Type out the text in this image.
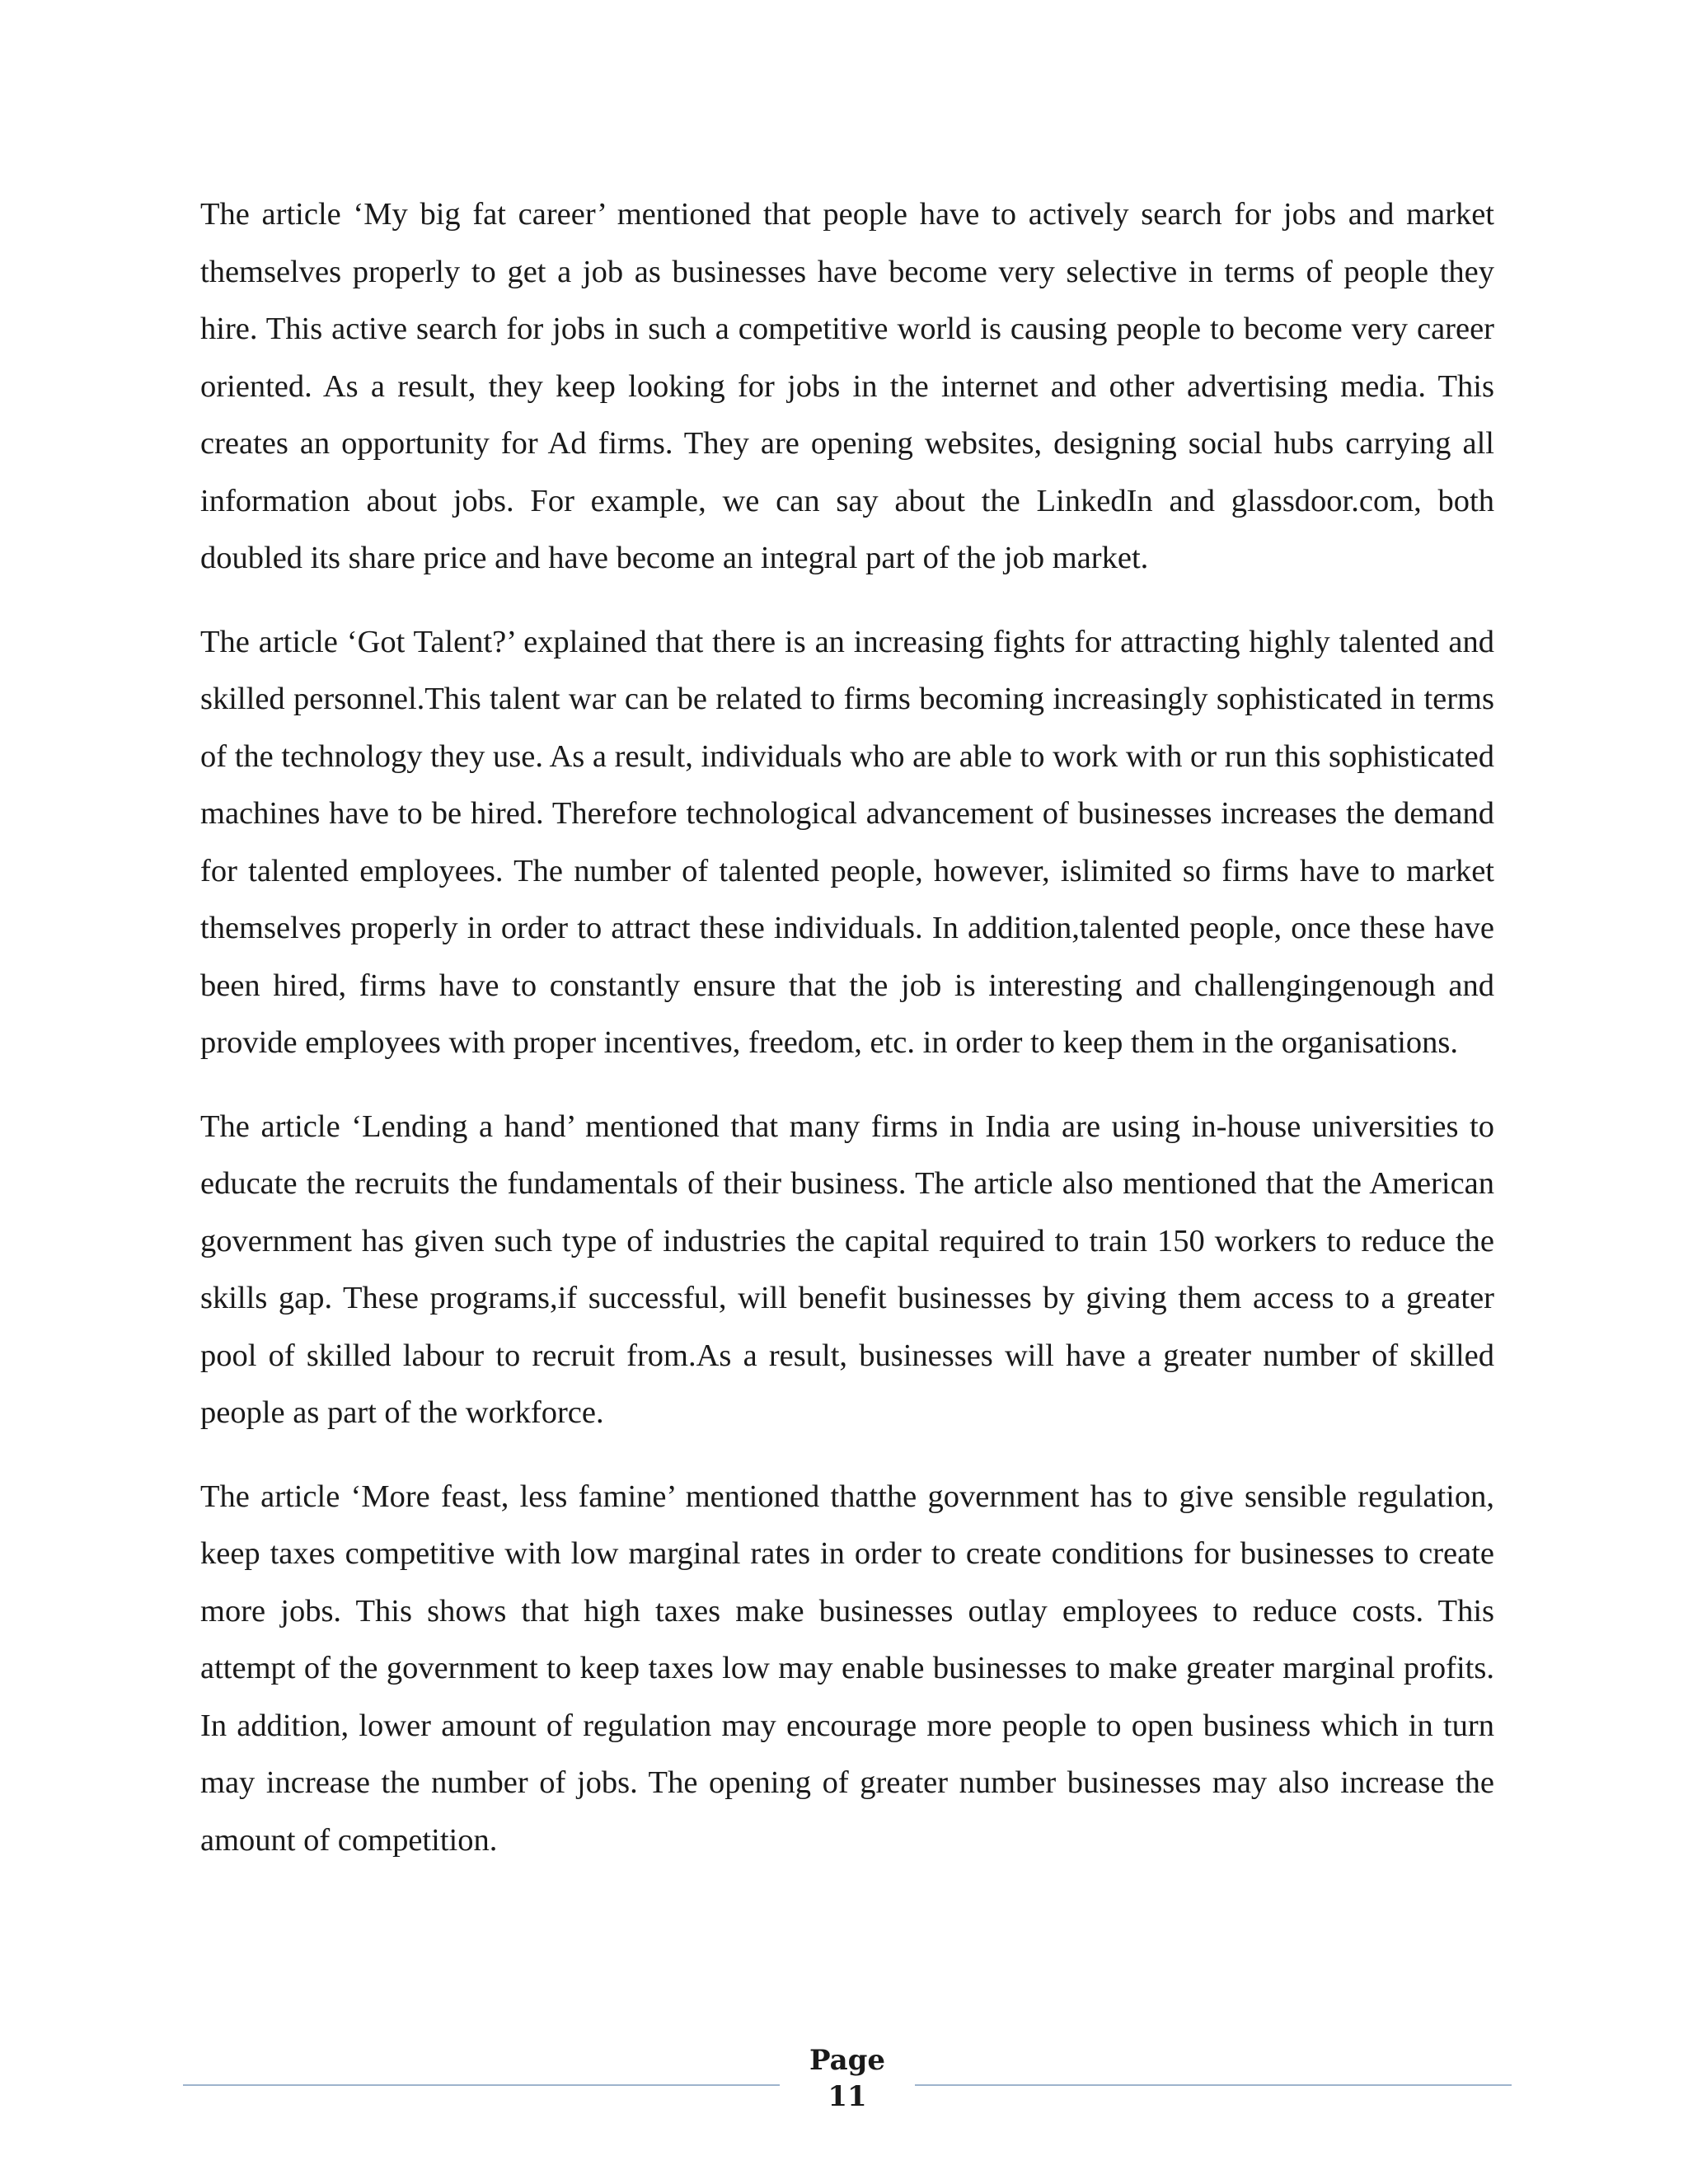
The article ‘My big fat career’ mentioned that people have to actively search for jobs and market themselves properly to get a job as businesses have become very selective in terms of people they hire. This active search for jobs in such a competitive world is causing people to become very career oriented. As a result, they keep looking for jobs in the internet and other advertising media. This creates an opportunity for Ad firms. They are opening websites, designing social hubs carrying all information about jobs. For example, we can say about the LinkedIn and glassdoor.com, both doubled its share price and have become an integral part of the job market.

The article ‘Got Talent?’ explained that there is an increasing fights for attracting highly talented and skilled personnel.This talent war can be related to firms becoming increasingly sophisticated in terms of the technology they use. As a result, individuals who are able to work with or run this sophisticated machines have to be hired. Therefore technological advancement of businesses increases the demand for talented employees. The number of talented people, however, islimited so firms have to market themselves properly in order to attract these individuals. In addition,talented people, once these have been hired, firms have to constantly ensure that the job is interesting and challengingenough and provide employees with proper incentives, freedom, etc. in order to keep them in the organisations.

The article ‘Lending a hand’ mentioned that many firms in India are using in-house universities to educate the recruits the fundamentals of their business. The article also mentioned that the American government has given such type of industries the capital required to train 150 workers to reduce the skills gap. These programs,if successful, will benefit businesses by giving them access to a greater pool of skilled labour to recruit from.As a result, businesses will have a greater number of skilled people as part of the workforce.

The article ‘More feast, less famine’ mentioned thatthe government has to give sensible regulation, keep taxes competitive with low marginal rates in order to create conditions for businesses to create more jobs. This shows that high taxes make businesses outlay employees to reduce costs. This attempt of the government to keep taxes low may enable businesses to make greater marginal profits. In addition, lower amount of regulation may encourage more people to open business which in turn may increase the number of jobs. The opening of greater number businesses may also increase the amount of competition.

Page
11
